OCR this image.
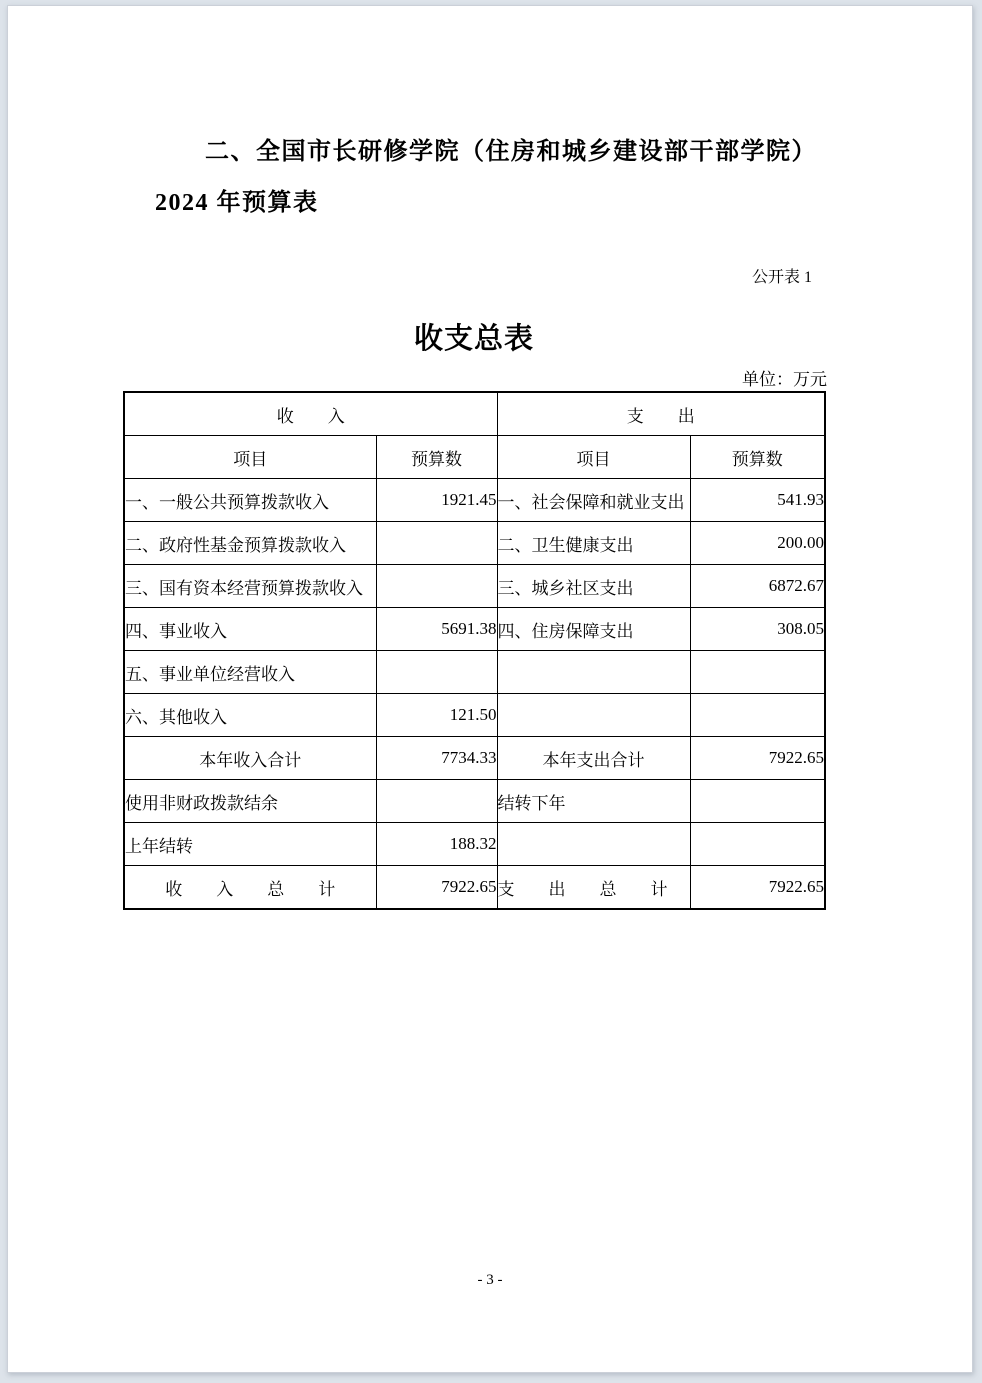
二、全国市长研修学院（住房和城乡建设部干部学院）
2024 年预算表
公开表 1
收支总表
单位：万元
收　　入		支　　出	
项目	预算数	项目	预算数
一、一般公共预算拨款收入	1921.45	一、社会保障和就业支出	541.93
二、政府性基金预算拨款收入		二、卫生健康支出	200.00
三、国有资本经营预算拨款收入		三、城乡社区支出	6872.67
四、事业收入	5691.38	四、住房保障支出	308.05
五、事业单位经营收入			
六、其他收入	121.50		
本年收入合计	7734.33	本年支出合计	7922.65
使用非财政拨款结余		结转下年	
上年结转	188.32		
收　　入　　总　　计	7922.65	支　　出　　总　　计	7922.65
- 3 -
